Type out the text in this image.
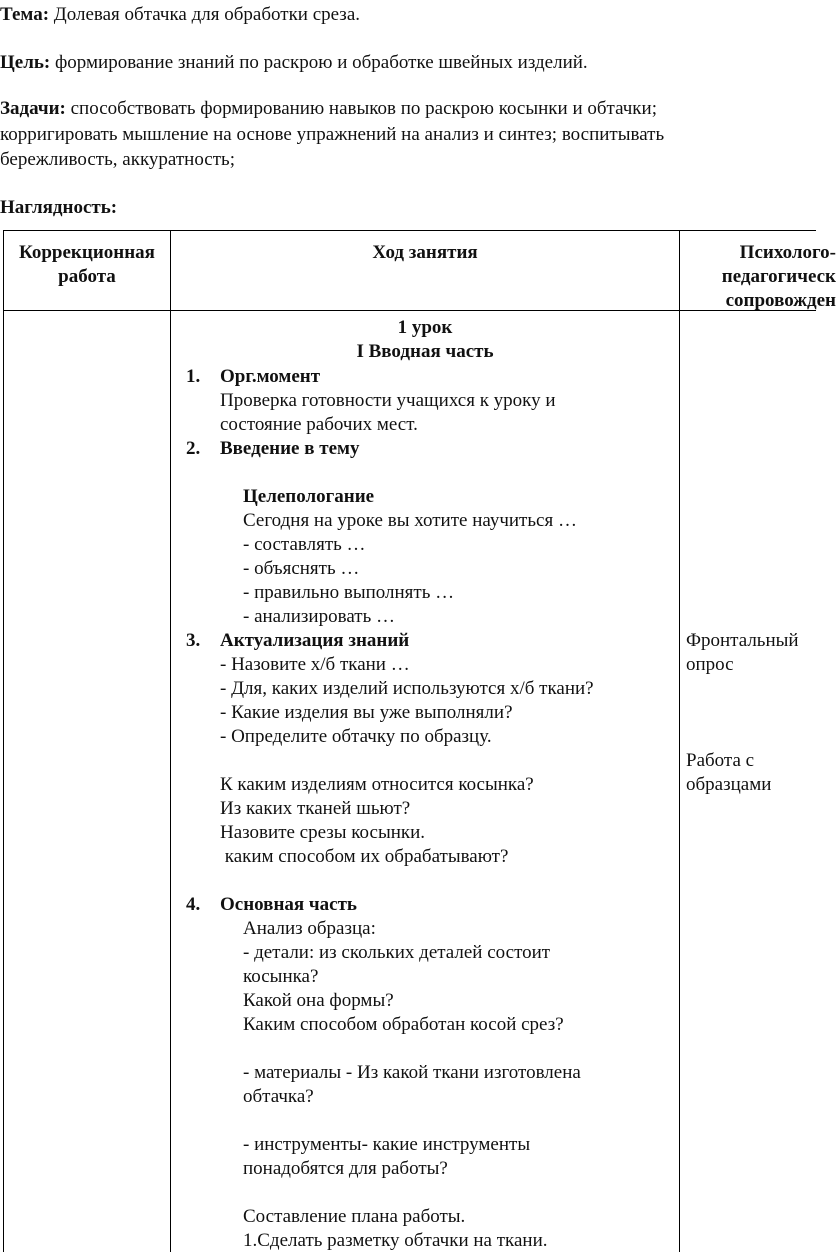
Тема: Долевая обтачка для обработки среза.
Цель: формирование знаний по раскрою и обработке швейных изделий.
Задачи: способствовать формированию навыков по раскрою косынки и обтачки;
корригировать мышление на основе упражнений на анализ и синтез; воспитывать
бережливость, аккуратность;
Наглядность:
Коррекционная
работа
Ход занятия	Психолого-
педагогическ
сопровожден
1 урок
I Вводная часть
1. Орг.момент
Проверка готовности учащихся к уроку и
состояние рабочих мест.
2. Введение в тему
Целепологание
Сегодня на уроке вы хотите научиться …
- составлять …
- объяснять …
- правильно выполнять …
- анализировать …
3. Актуализация знаний
- Назовите х/б ткани …
- Для, каких изделий используются х/б ткани?
- Какие изделия вы уже выполняли?
- Определите обтачку по образцу.
К каким изделиям относится косынка?
Из каких тканей шьют?
Назовите срезы косынки.
каким способом их обрабатывают?
4. Основная часть
Анализ образца:
- детали: из скольких деталей состоит
косынка?
Какой она формы?
Каким способом обработан косой срез?
- материалы - Из какой ткани изготовлена
обтачка?
- инструменты- какие инструменты
понадобятся для работы?
Составление плана работы.
1.Сделать разметку обтачки на ткани.
Фронтальный
опрос
Работа с
образцами
